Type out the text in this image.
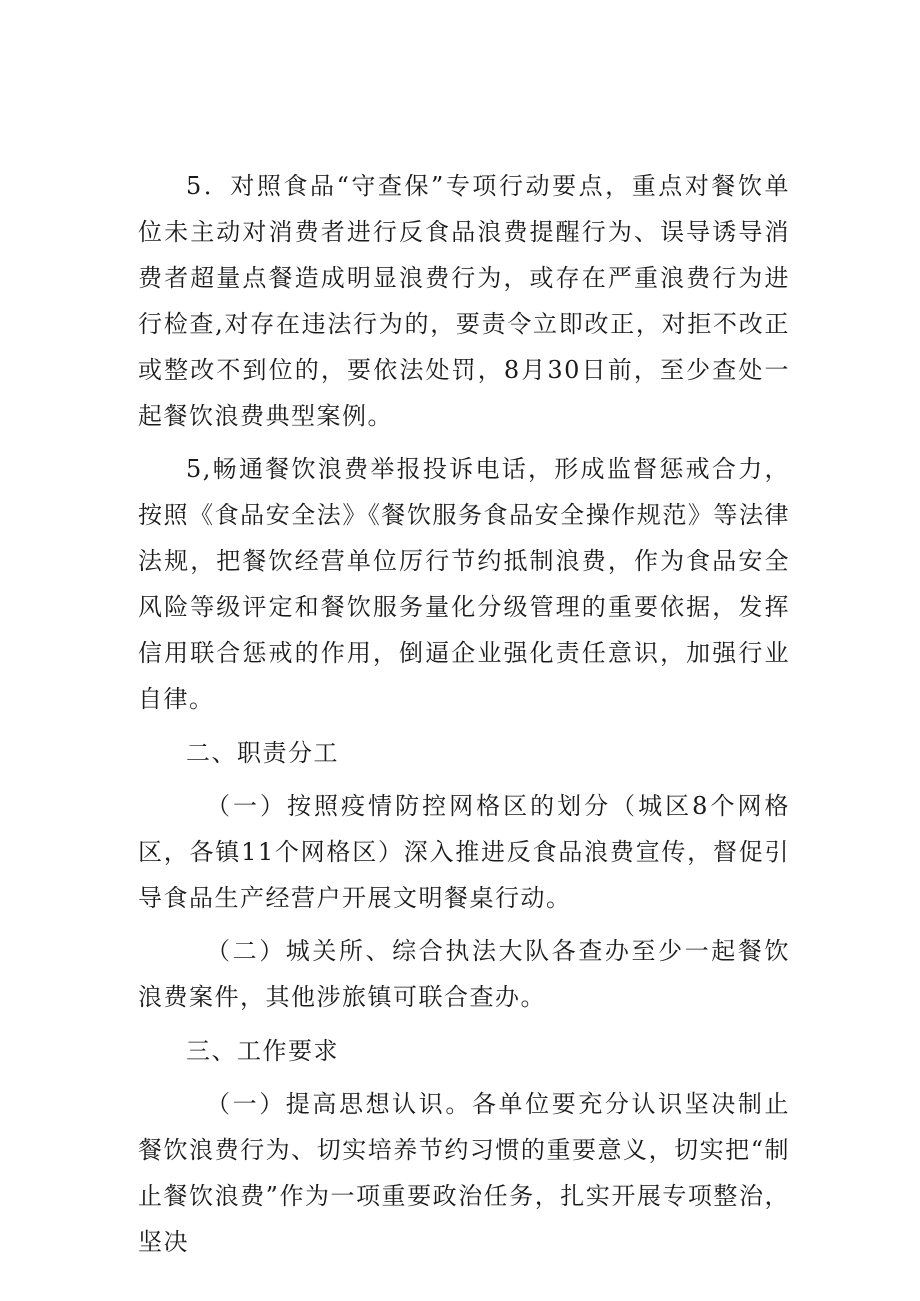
5．对照食品“守查保”专项行动要点，重点对餐饮单位未主动对消费者进行反食品浪费提醒行为、误导诱导消费者超量点餐造成明显浪费行为，或存在严重浪费行为进行检查,对存在违法行为的，要责令立即改正，对拒不改正或整改不到位的，要依法处罚，8月30日前，至少查处一起餐饮浪费典型案例。

5,畅通餐饮浪费举报投诉电话，形成监督惩戒合力，按照《食品安全法》《餐饮服务食品安全操作规范》等法律法规，把餐饮经营单位厉行节约抵制浪费，作为食品安全风险等级评定和餐饮服务量化分级管理的重要依据，发挥信用联合惩戒的作用，倒逼企业强化责任意识，加强行业自律。

二、职责分工

（一）按照疫情防控网格区的划分（城区8个网格区，各镇11个网格区）深入推进反食品浪费宣传，督促引导食品生产经营户开展文明餐桌行动。

（二）城关所、综合执法大队各查办至少一起餐饮浪费案件，其他涉旅镇可联合查办。

三、工作要求

（一）提高思想认识。各单位要充分认识坚决制止餐饮浪费行为、切实培养节约习惯的重要意义，切实把“制止餐饮浪费”作为一项重要政治任务，扎实开展专项整治，坚决
